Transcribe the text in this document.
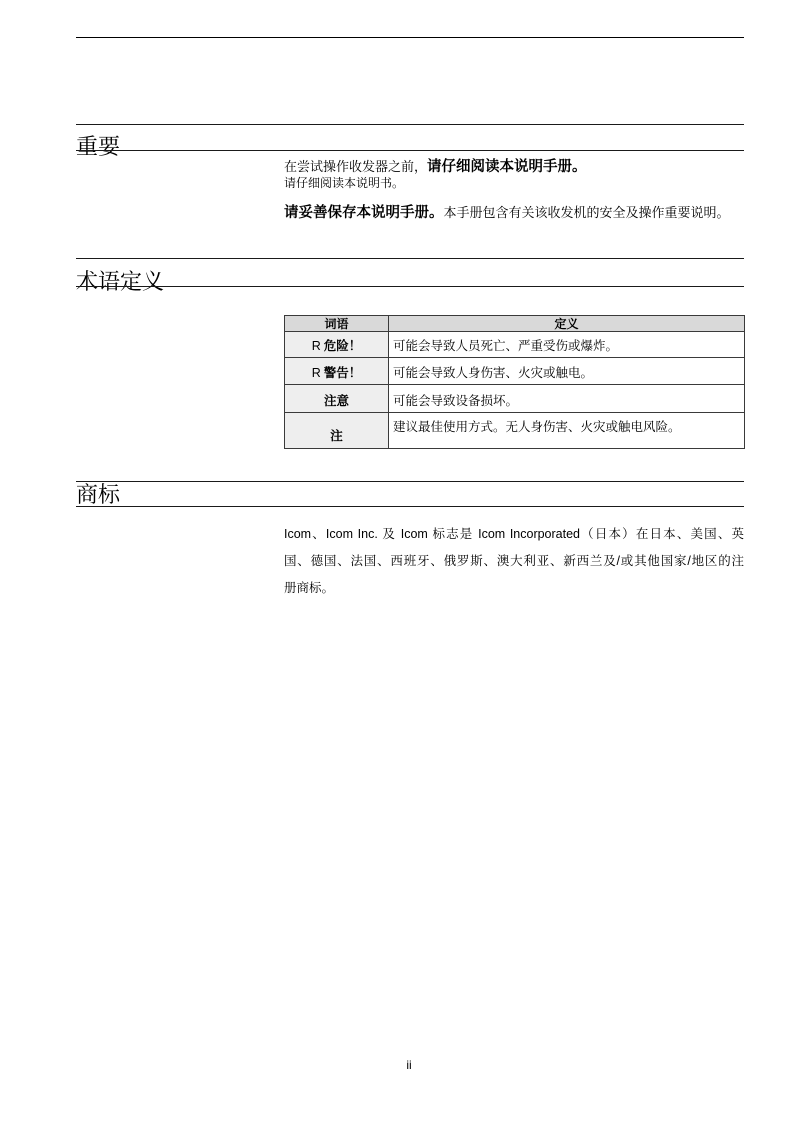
重要
在尝试操作收发器之前，请仔细阅读本说明手册。
请仔细阅读本说明书。
请妥善保存本说明手册。本手册包含有关该收发机的安全及操作重要说明。
术语定义
词语	定义
R 危险！	可能会导致人员死亡、严重受伤或爆炸。
R 警告！	可能会导致人身伤害、火灾或触电。
注意	可能会导致设备损坏。
注	建议最佳使用方式。无人身伤害、火灾或触电风险。
商标
Icom、Icom Inc. 及 Icom 标志是 Icom Incorporated（日本）在日本、美国、英
国、德国、法国、西班牙、俄罗斯、澳大利亚、新西兰及/或其他国家/地区的注
册商标。
ii
